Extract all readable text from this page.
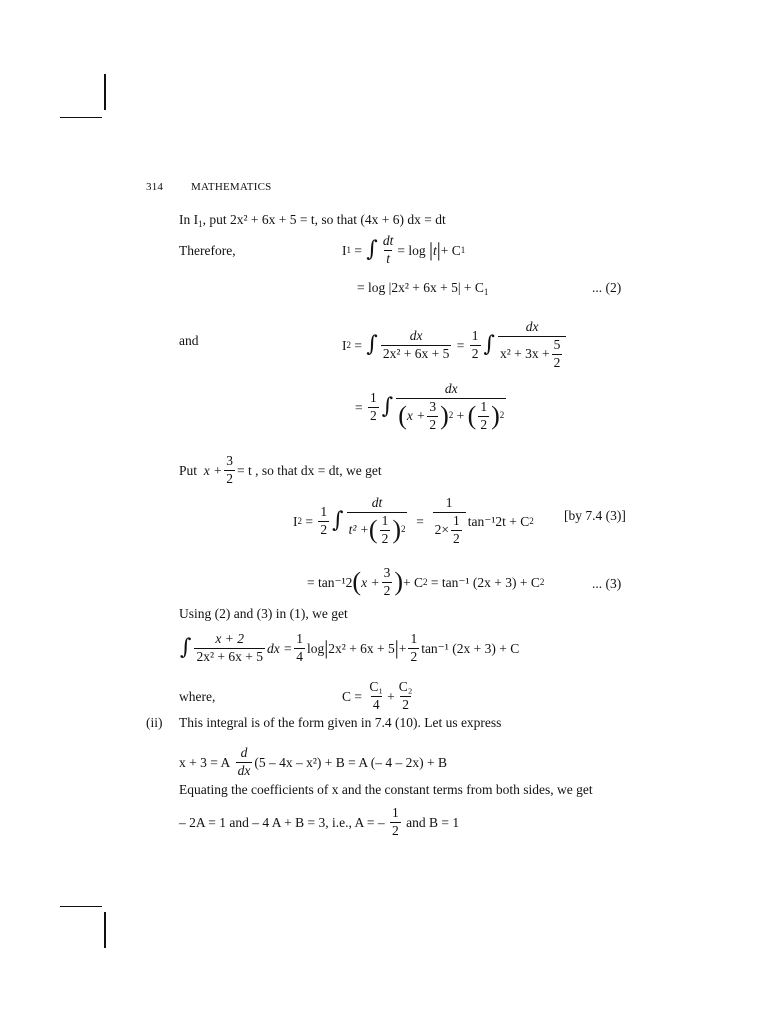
314	MATHEMATICS
In $I_1$, put 2x² + 6x + 5 = t, so that (4x + 6) dx = dt
Therefore,	I 1 = ∫ $\frac{dt}{t} = \log$
| t | + C 1
= $\log |2x^2 + 6x + 5| + C_1$	... (2)
and	I 2 = ∫ $\frac{dx}{\text{2x² + 6x + 5}} = \frac{1}{2}$ ∫ $\frac{dx}{x^2 + 3x + \frac{5}{2}}$
= $\frac{1}{2}$ ∫ dx
( $x + \frac{3}{2}$ ) 2
+
( $\frac{1}{2}$ ) 2
Put
$x + \frac{3}{2} = t$ , so that dx = dt, we get
I $2 = \frac{1}{2}$ ∫ $\frac{dt}{t^2 + ( \frac{1}{2} ) 2} = \frac{1}{2\times \frac{1}{2}} \tan^{-1}2t + C$ 2 [by 7.4 (3)]
= tan⁻¹2 ( $x + \frac{3}{2}$ ) + C 2
= tan⁻¹ (2x + 3) + C 2	... (3)
Using (2) and (3) in (1), we get
∫ $\frac{x + 2}{\text{2x² + 6x + 5}}$ dx = $\frac{1}{4}$ log | 2x² + 6x + 5 | + $\frac{1}{2} \tan^{-1}$ (2x + 3) + C
where,	C =
$\frac{\text{C₁}}{4} + \frac{\text{C₂}}{2}$
(ii) This integral is of the form given in 7.4 (10). Let us express
x + 3 = A
$\frac{d}{dx} (5 - 4x - x^2) + B = A$ (– 4 – 2x) + B
Equating the coefficients of x and the constant terms from both sides, we get
– 2A = 1 and – 4 A + B = 3, i.e., A = –
$\frac{1}{2}$
and B = 1
